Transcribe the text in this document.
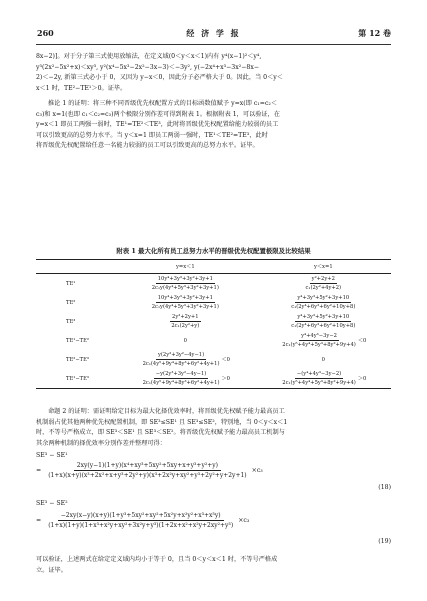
260	经 济 学 报	第 12 卷
8x−2)]。对于分子第三式使用放缩法，在定义域(0＜y＜x＜1)内有 y⁴(x−1)²＜y⁴,
y³(2x²−5x²+x)＜xy³, y²(x⁴−5x³−2x²−3x−3)＜−3y², y(−2x⁴+x³−3x²−8x−
2)＜−2y, 新第三式必小于 0，又因为 y−x＜0，因此分子必严格大于 0。因此，当 0＜y＜
x＜1 时，TE²−TE¹＞0。证毕。
推论 1 的证明：将三种不同晋级优先权配置方式的目标函数值赋予 y=x(即 c₁=c₂＜
c₃)和 x=1(也即 c₁＜c₂=c₃)两个极限分别作差可得到附表 1。根据附表 1，可以验证，在
y=x＜1 即员工两强一弱时，TE¹=TE²＜TE³，此时将晋级优先权配置给能力较弱的员工
可以引致更高的总努力水平。当 y＜x=1 即员工两弱一强时，TE¹＜TE²=TE³，此时
将晋级优先权配置给任意一名能力较弱的员工可以引致更高的总努力水平。证毕。
附表 1 最大化所有员工总努力水平的晋级优先权配置极限及比较结果
	y=x＜1	y＜x=1
TE¹	$\frac{\text{10y⁴+3y³+3y²+3y+1}}{\text{2c₁y(4y⁴+5y³+3y²+3y+1)}}$	$\frac{\text{y²+2y+2}}{\text{c₁(2y²+4y+2)}}$

TE²	$\frac{\text{10y⁴+3y³+3y²+3y+1}}{\text{2c₁y(4y⁴+5y³+3y²+3y+1)}}$	$\frac{\text{y⁴+3y³+5y²+3y+10}}{\text{c₁(2y⁴+6y³+6y²+10y+8)}}$

TE³	$\frac{\text{2y³+2y+1}}{\text{2c₁(2y²+y)}}$	$\frac{\text{y⁴+3y³+5y²+3y+10}}{\text{c₁(2y⁴+6y³+6y²+10y+8)}}$

TE¹−TE²	0	$\frac{\text{y⁴+4y³−3y−2}}{\text{2c₁(y⁵+4y⁴+5y³+8y²+9y+4)}} <0$
TE²−TE³	$\frac{\text{y(2y³+3y²−4y−1)}}{\text{2c₁(4y⁵+9y⁴+8y³+6y²+4y+1)}} <0$	0
TE¹−TE³	$\frac{\text{−y(2y³+3y²−4y−1)}}{\text{2c₁(4y⁵+9y⁴+8y³+6y²+4y+1)}} >0$	$\frac{\text{−(y⁴+4y³−3y−2)}}{\text{2c₁(y⁵+4y⁴+5y³+8y²+9y+4)}} >0$
命题 2 的证明：需证明给定目标为最大化择优效率时，将晋级优先权赋予能力最高员工
机制弱占优其他两种优先权配置机制，即 SE³≤SE¹ 且 SE³≤SE²，特别地，当 0＜y＜x＜1
时，不等号严格成立，即 SE³＜SE¹ 且 SE³＜SE²。将晋级优先权赋予能力最高员工机制与
其余两种机制的择优效率分别作差并整理可得：
SE³ − SE¹
= $\frac{\text{2xy(y−1)(1+y)(x⁴+xy³+5xy²+5xy+x+y³+y²+y)}}{\text{(1+x)(x+y)(x³+2x²+x+y³+2y²+y)(x³+2x²y+xy²+y³+2y²+y+2y+1)}} \times c_3$
(18)
SE³ − SE²
= $\frac{\text{−2xy(x−y)(x+y)(1+y³+5xy²+xy²+5x²y+x²y²+x³+x³y)}}{\text{(1+x)(1+y)(1+x³+x²y+xy²+3x²y+y³)(1+2x+x²+x²y+2xy²+y³)}} \times c_3$
(19)
可以验证，上述两式在给定定义域内均小于等于 0，且当 0＜y＜x＜1 时，不等号严格成
立。证毕。
